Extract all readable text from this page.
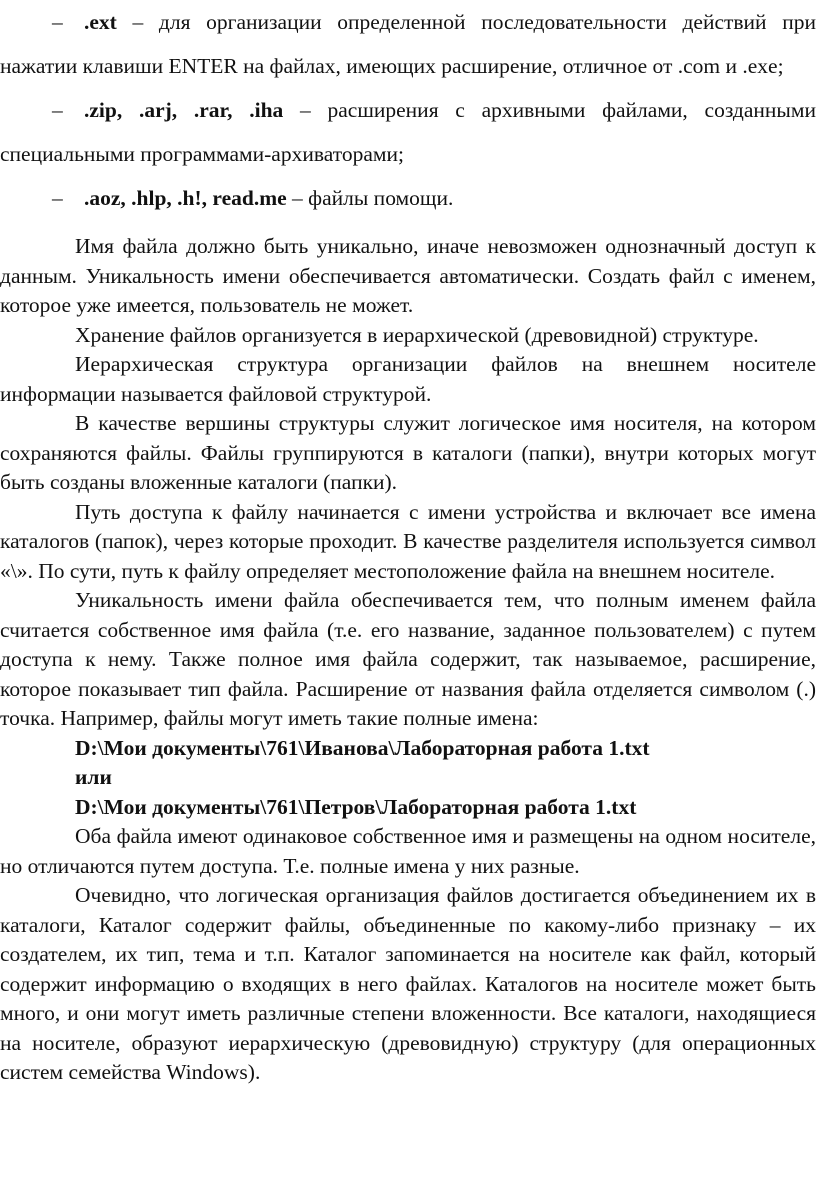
– .ext – для организации определенной последовательности действий при нажатии клавиши ENTER на файлах, имеющих расширение, отличное от .com и .exe;

– .zip, .arj, .rar, .iha – расширения с архивными файлами, созданными специальными программами-архиваторами;

– .aoz, .hlp, .h!, read.me – файлы помощи.

Имя файла должно быть уникально, иначе невозможен однозначный доступ к данным. Уникальность имени обеспечивается автоматически. Создать файл с именем, которое уже имеется, пользователь не может.

Хранение файлов организуется в иерархической (древовидной) структуре.

Иерархическая структура организации файлов на внешнем носителе информации называется файловой структурой.

В качестве вершины структуры служит логическое имя носителя, на котором сохраняются файлы. Файлы группируются в каталоги (папки), внутри которых могут быть созданы вложенные каталоги (папки).

Путь доступа к файлу начинается с имени устройства и включает все имена каталогов (папок), через которые проходит. В качестве разделителя используется символ «\». По сути, путь к файлу определяет местоположение файла на внешнем носителе.

Уникальность имени файла обеспечивается тем, что полным именем файла считается собственное имя файла (т.е. его название, заданное пользователем) с путем доступа к нему. Также полное имя файла содержит, так называемое, расширение, которое показывает тип файла. Расширение от названия файла отделяется символом (.) точка. Например, файлы могут иметь такие полные имена:

D:\Мои документы\761\Иванова\Лабораторная работа 1.txt

или

D:\Мои документы\761\Петров\Лабораторная работа 1.txt

Оба файла имеют одинаковое собственное имя и размещены на одном носителе, но отличаются путем доступа. Т.е. полные имена у них разные.

Очевидно, что логическая организация файлов достигается объединением их в каталоги, Каталог содержит файлы, объединенные по какому-либо признаку – их создателем, их тип, тема и т.п. Каталог запоминается на носителе как файл, который содержит информацию о входящих в него файлах. Каталогов на носителе может быть много, и они могут иметь различные степени вложенности. Все каталоги, находящиеся на носителе, образуют иерархическую (древовидную) структуру (для операционных систем семейства Windows).
